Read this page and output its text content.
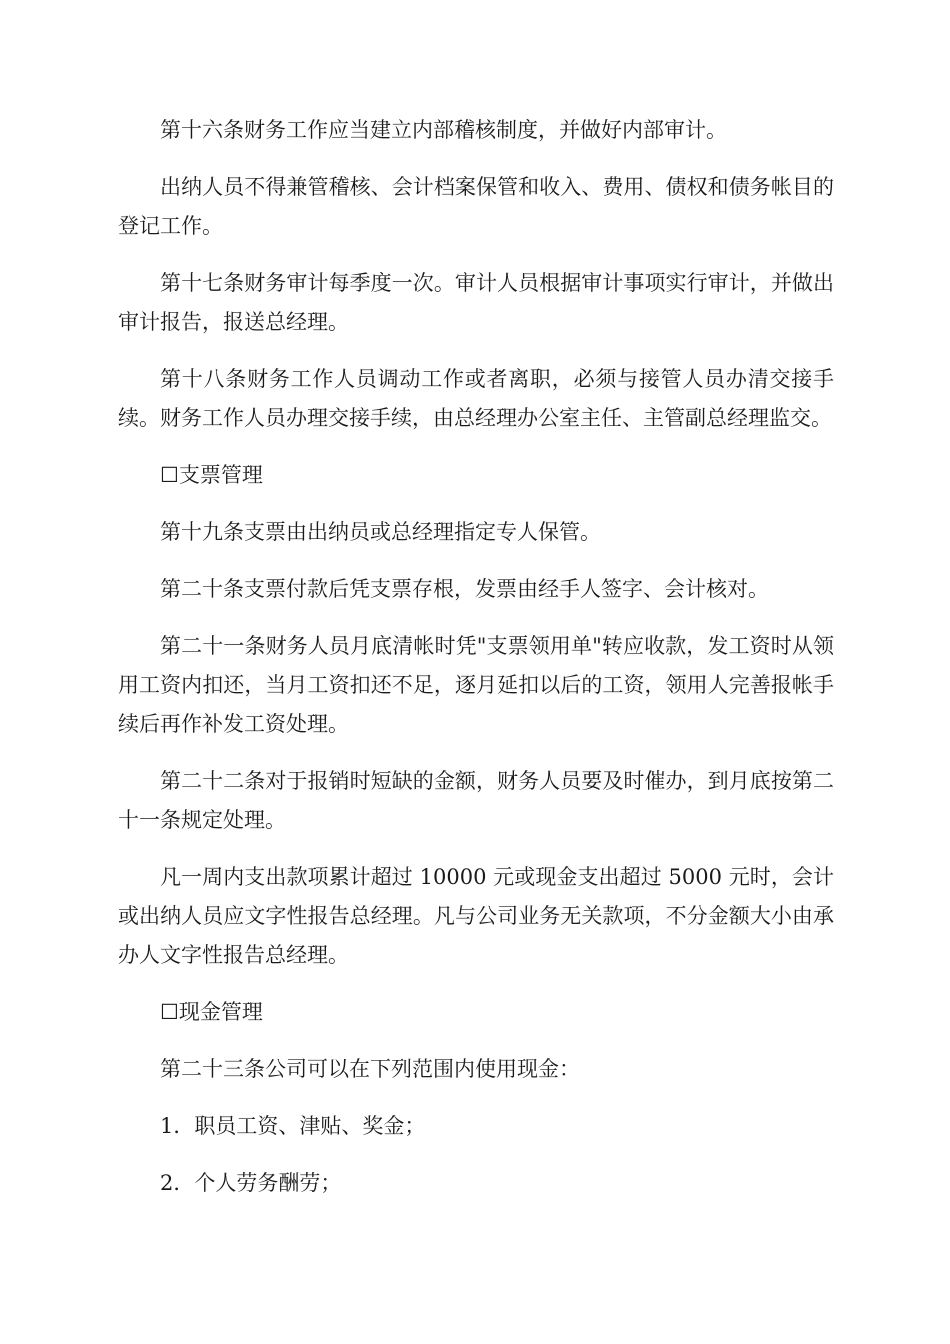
第十六条财务工作应当建立内部稽核制度，并做好内部审计。

出纳人员不得兼管稽核、会计档案保管和收入、费用、债权和债务帐目的登记工作。

第十七条财务审计每季度一次。审计人员根据审计事项实行审计，并做出审计报告，报送总经理。

第十八条财务工作人员调动工作或者离职，必须与接管人员办清交接手续。财务工作人员办理交接手续，由总经理办公室主任、主管副总经理监交。

☐支票管理

第十九条支票由出纳员或总经理指定专人保管。

第二十条支票付款后凭支票存根，发票由经手人签字、会计核对。

第二十一条财务人员月底清帐时凭"支票领用单"转应收款，发工资时从领用工资内扣还，当月工资扣还不足，逐月延扣以后的工资，领用人完善报帐手续后再作补发工资处理。

第二十二条对于报销时短缺的金额，财务人员要及时催办，到月底按第二十一条规定处理。

凡一周内支出款项累计超过 10000 元或现金支出超过 5000 元时，会计或出纳人员应文字性报告总经理。凡与公司业务无关款项，不分金额大小由承办人文字性报告总经理。

☐现金管理

第二十三条公司可以在下列范围内使用现金：

1．职员工资、津贴、奖金；

2．个人劳务酬劳；
